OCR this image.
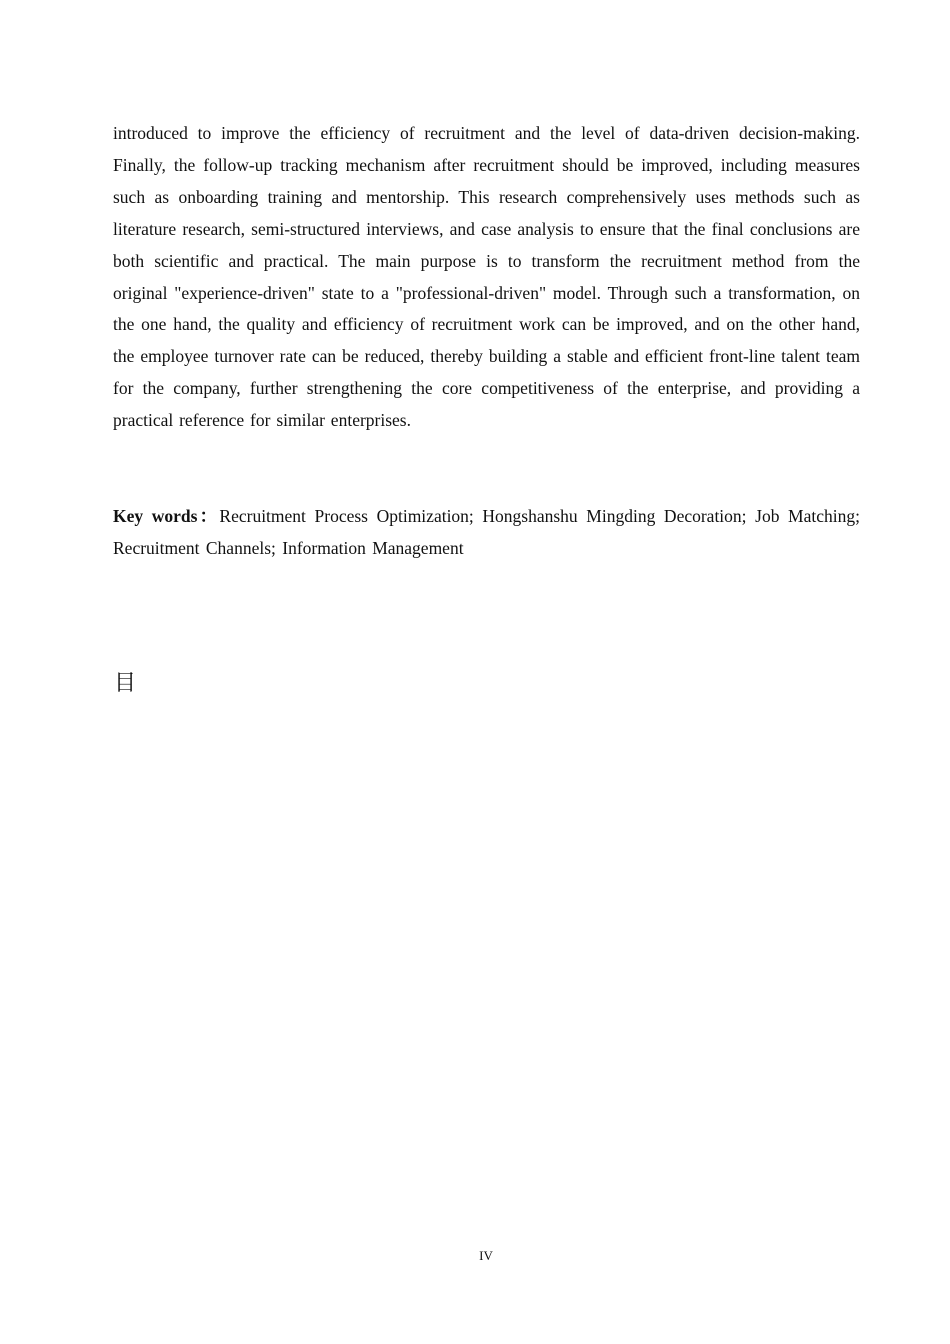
introduced to improve the efficiency of recruitment and the level of data-driven decision-making. Finally, the follow-up tracking mechanism after recruitment should be improved, including measures such as onboarding training and mentorship. This research comprehensively uses methods such as literature research, semi-structured interviews, and case analysis to ensure that the final conclusions are both scientific and practical. The main purpose is to transform the recruitment method from the original "experience-driven" state to a "professional-driven" model. Through such a transformation, on the one hand, the quality and efficiency of recruitment work can be improved, and on the other hand, the employee turnover rate can be reduced, thereby building a stable and efficient front-line talent team for the company, further strengthening the core competitiveness of the enterprise, and providing a practical reference for similar enterprises.

Key words：Recruitment Process Optimization; Hongshanshu Mingding Decoration; Job Matching; Recruitment Channels; Information Management

目

IV
